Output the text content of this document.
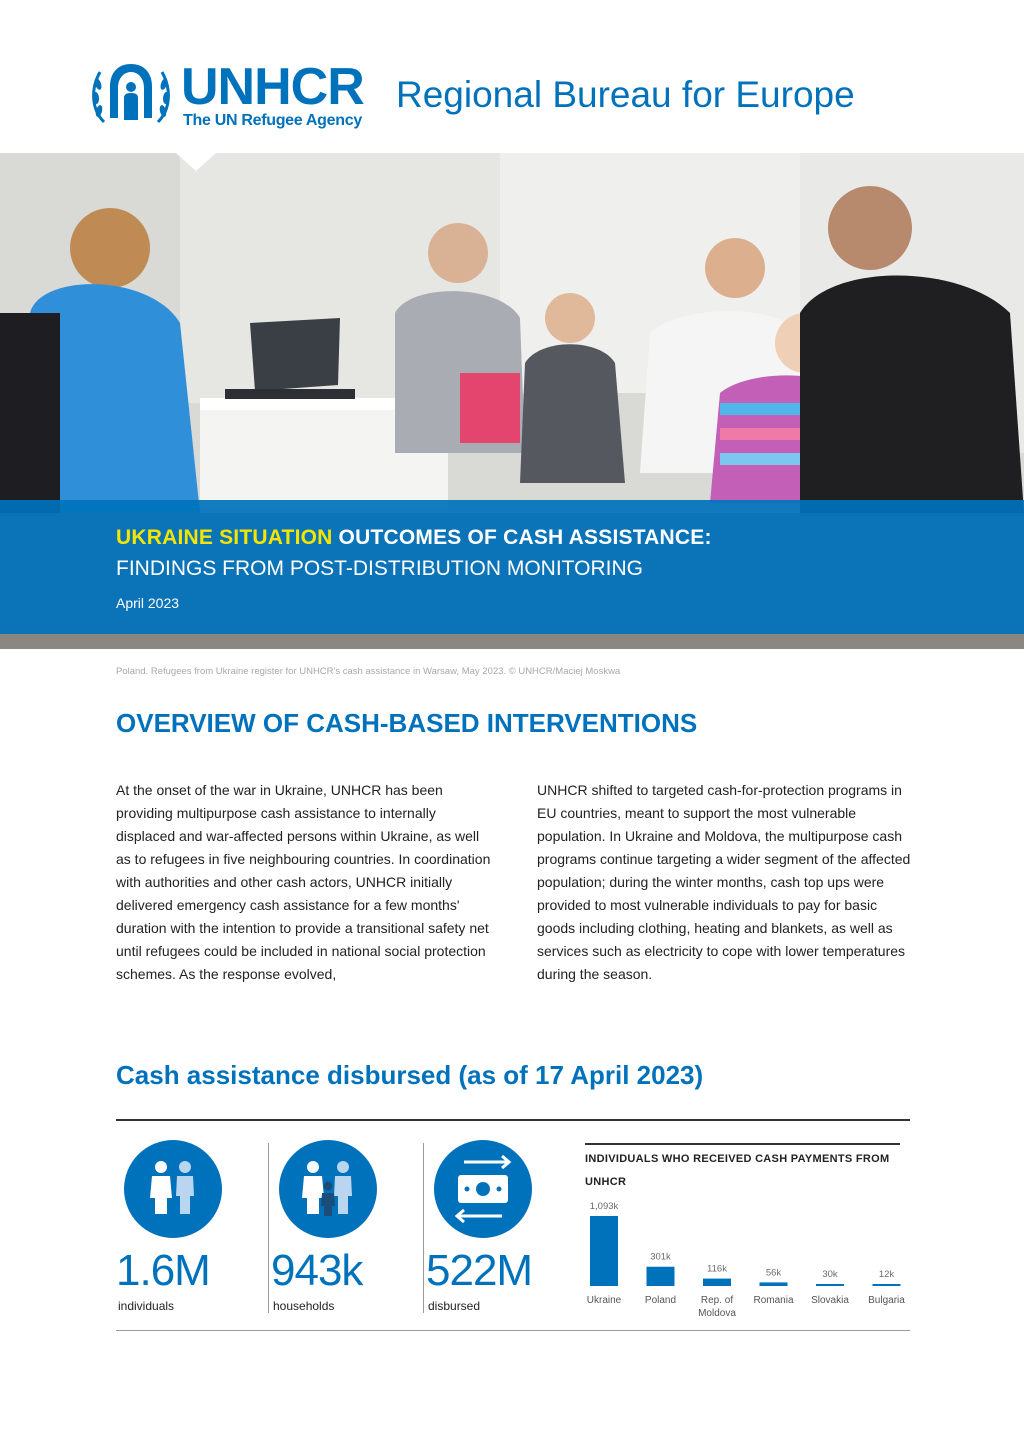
UNHCR
The UN Refugee Agency
Regional Bureau for Europe
UKRAINE SITUATION OUTCOMES OF CASH ASSISTANCE:
FINDINGS FROM POST-DISTRIBUTION MONITORING
April 2023
Poland. Refugees from Ukraine register for UNHCR's cash assistance in Warsaw, May 2023. © UNHCR/Maciej Moskwa
OVERVIEW OF CASH-BASED INTERVENTIONS
At the onset of the war in Ukraine, UNHCR has been providing multipurpose cash assistance to internally displaced and war-affected persons within Ukraine, as well as to refugees in five neighbouring countries. In coordination with authorities and other cash actors, UNHCR initially delivered emergency cash assistance for a few months' duration with the intention to provide a transitional safety net until refugees could be included in national social protection schemes. As the response evolved,
UNHCR shifted to targeted cash-for-protection programs in EU countries, meant to support the most vulnerable population. In Ukraine and Moldova, the multipurpose cash programs continue targeting a wider segment of the affected population; during the winter months, cash top ups were provided to most vulnerable individuals to pay for basic goods including clothing, heating and blankets, as well as services such as electricity to cope with lower temperatures during the season.
Cash assistance disbursed (as of 17 April 2023)
1.6M
individuals
943k
households
522M
disbursed
INDIVIDUALS WHO RECEIVED CASH PAYMENTS FROM UNHCR
1,093k
Ukraine
301k
Poland
116k
Rep. of Moldova
56k
Romania
30k
Slovakia
12k
Bulgaria
